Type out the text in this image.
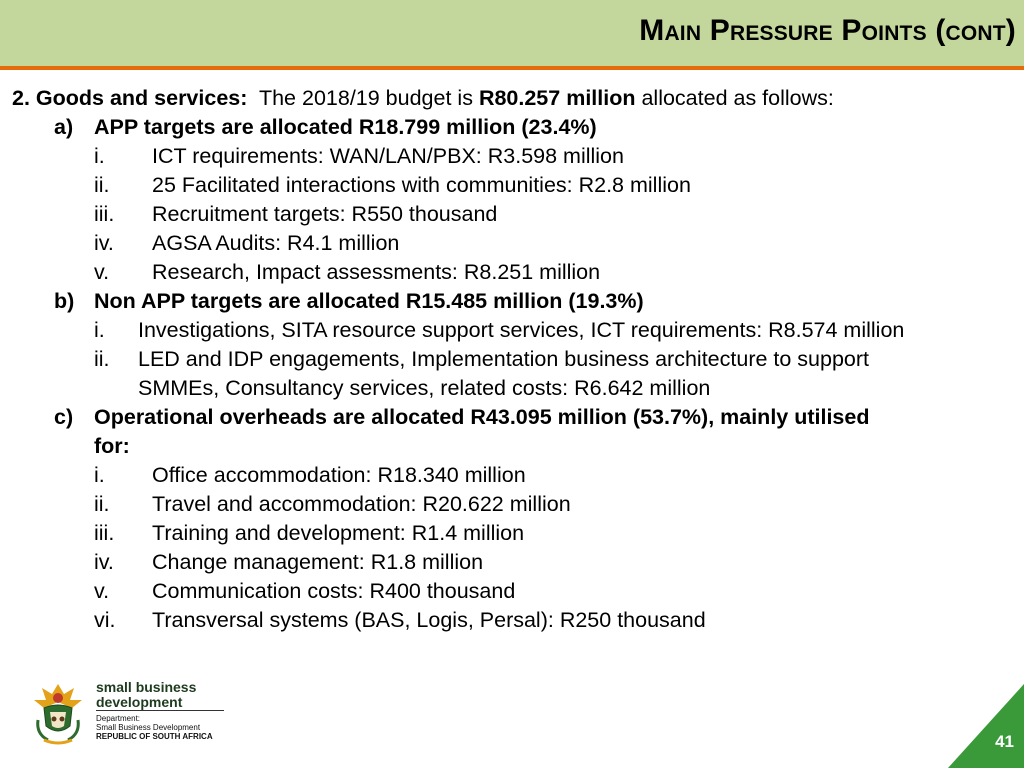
Main Pressure Points (cont)
2. Goods and services: The 2018/19 budget is R80.257 million allocated as follows:
a) APP targets are allocated R18.799 million (23.4%)
i. ICT requirements: WAN/LAN/PBX: R3.598 million
ii. 25 Facilitated interactions with communities: R2.8 million
iii. Recruitment targets: R550 thousand
iv. AGSA Audits: R4.1 million
v. Research, Impact assessments: R8.251 million
b) Non APP targets are allocated R15.485 million (19.3%)
i. Investigations, SITA resource support services, ICT requirements: R8.574 million
ii. LED and IDP engagements, Implementation business architecture to support
SMMEs, Consultancy services, related costs: R6.642 million
c) Operational overheads are allocated R43.095 million (53.7%), mainly utilised
for:
i. Office accommodation: R18.340 million
ii. Travel and accommodation: R20.622 million
iii. Training and development: R1.4 million
iv. Change management: R1.8 million
v. Communication costs: R400 thousand
vi. Transversal systems (BAS, Logis, Persal): R250 thousand
small business
development
Department:
Small Business Development
REPUBLIC OF SOUTH AFRICA	41
